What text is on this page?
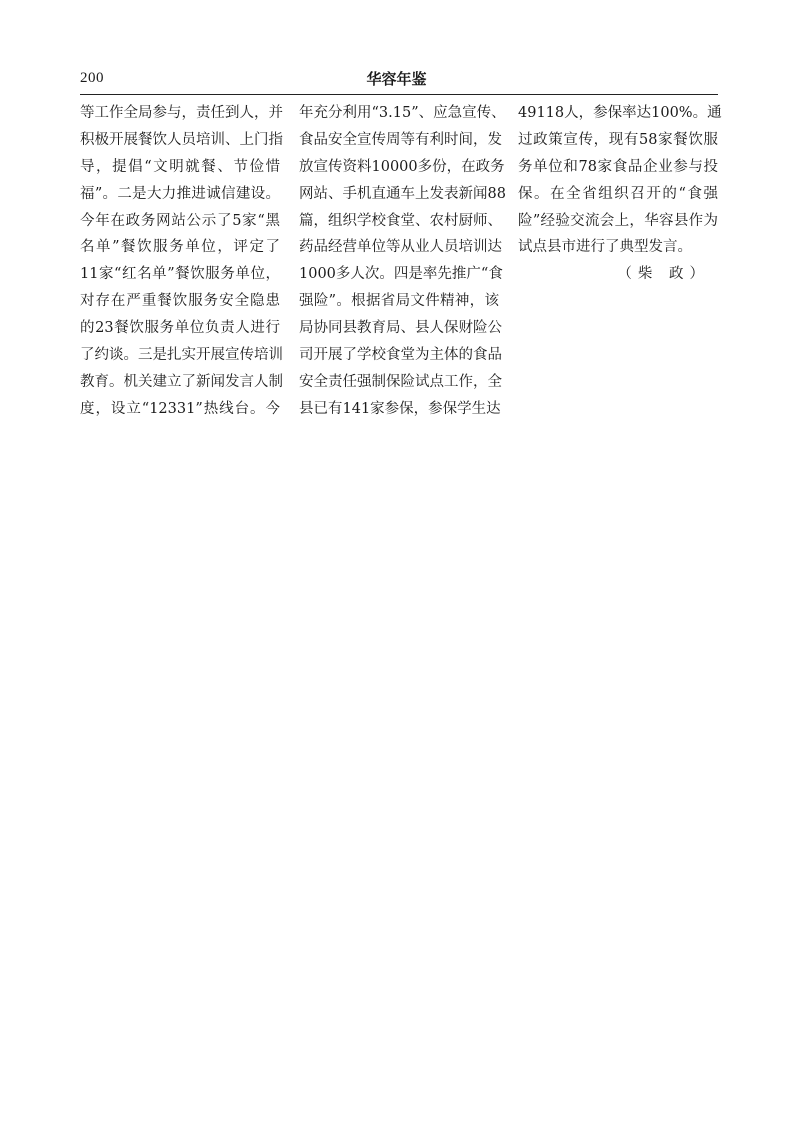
200	华容年鉴
等工作全局参与，责任到人，并
积极开展餐饮人员培训、上门指
导，提倡“文明就餐、节俭惜
福”。二是大力推进诚信建设。
今年在政务网站公示了5家“黑
名单”餐饮服务单位，评定了
11家“红名单”餐饮服务单位，
对存在严重餐饮服务安全隐患
的23餐饮服务单位负责人进行
了约谈。三是扎实开展宣传培训
教育。机关建立了新闻发言人制
度，设立“12331”热线台。今
年充分利用“3.15”、应急宣传、
食品安全宣传周等有利时间，发
放宣传资料10000多份，在政务
网站、手机直通车上发表新闻88
篇，组织学校食堂、农村厨师、
药品经营单位等从业人员培训达
1000多人次。四是率先推广“食
强险”。根据省局文件精神，该
局协同县教育局、县人保财险公
司开展了学校食堂为主体的食品
安全责任强制保险试点工作，全
县已有141家参保，参保学生达
49118人，参保率达100%。通
过政策宣传，现有58家餐饮服
务单位和78家食品企业参与投
保。在全省组织召开的“食强
险”经验交流会上，华容县作为
试点县市进行了典型发言。
（柴 政）
